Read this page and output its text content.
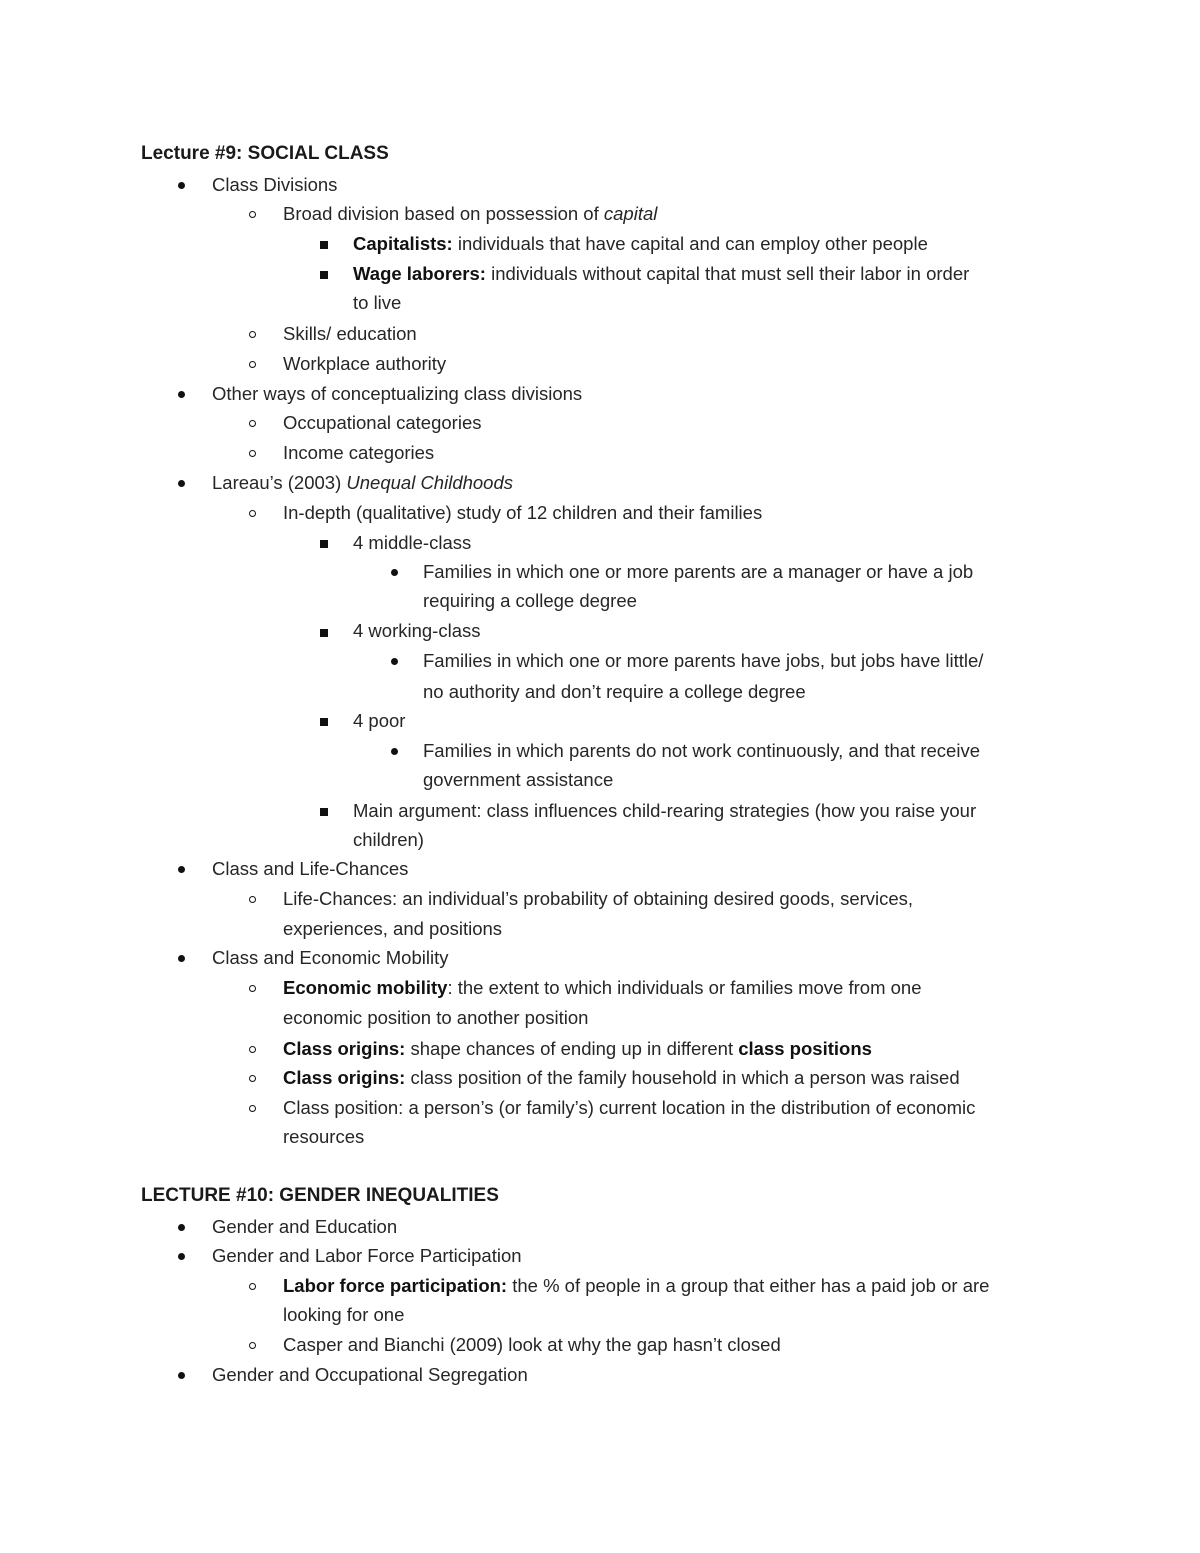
Lecture #9: SOCIAL CLASS
Class Divisions
Broad division based on possession of capital
Capitalists: individuals that have capital and can employ other people
Wage laborers: individuals without capital that must sell their labor in order
to live
Skills/ education
Workplace authority
Other ways of conceptualizing class divisions
Occupational categories
Income categories
Lareau’s (2003) Unequal Childhoods
In-depth (qualitative) study of 12 children and their families
4 middle-class
Families in which one or more parents are a manager or have a job
requiring a college degree
4 working-class
Families in which one or more parents have jobs, but jobs have little/
no authority and don’t require a college degree
4 poor
Families in which parents do not work continuously, and that receive
government assistance
Main argument: class influences child-rearing strategies (how you raise your
children)
Class and Life-Chances
Life-Chances: an individual’s probability of obtaining desired goods, services,
experiences, and positions
Class and Economic Mobility
Economic mobility: the extent to which individuals or families move from one
economic position to another position
Class origins: shape chances of ending up in different class positions
Class origins: class position of the family household in which a person was raised
Class position: a person’s (or family’s) current location in the distribution of economic
resources
LECTURE #10: GENDER INEQUALITIES
Gender and Education
Gender and Labor Force Participation
Labor force participation: the % of people in a group that either has a paid job or are
looking for one
Casper and Bianchi (2009) look at why the gap hasn’t closed
Gender and Occupational Segregation
